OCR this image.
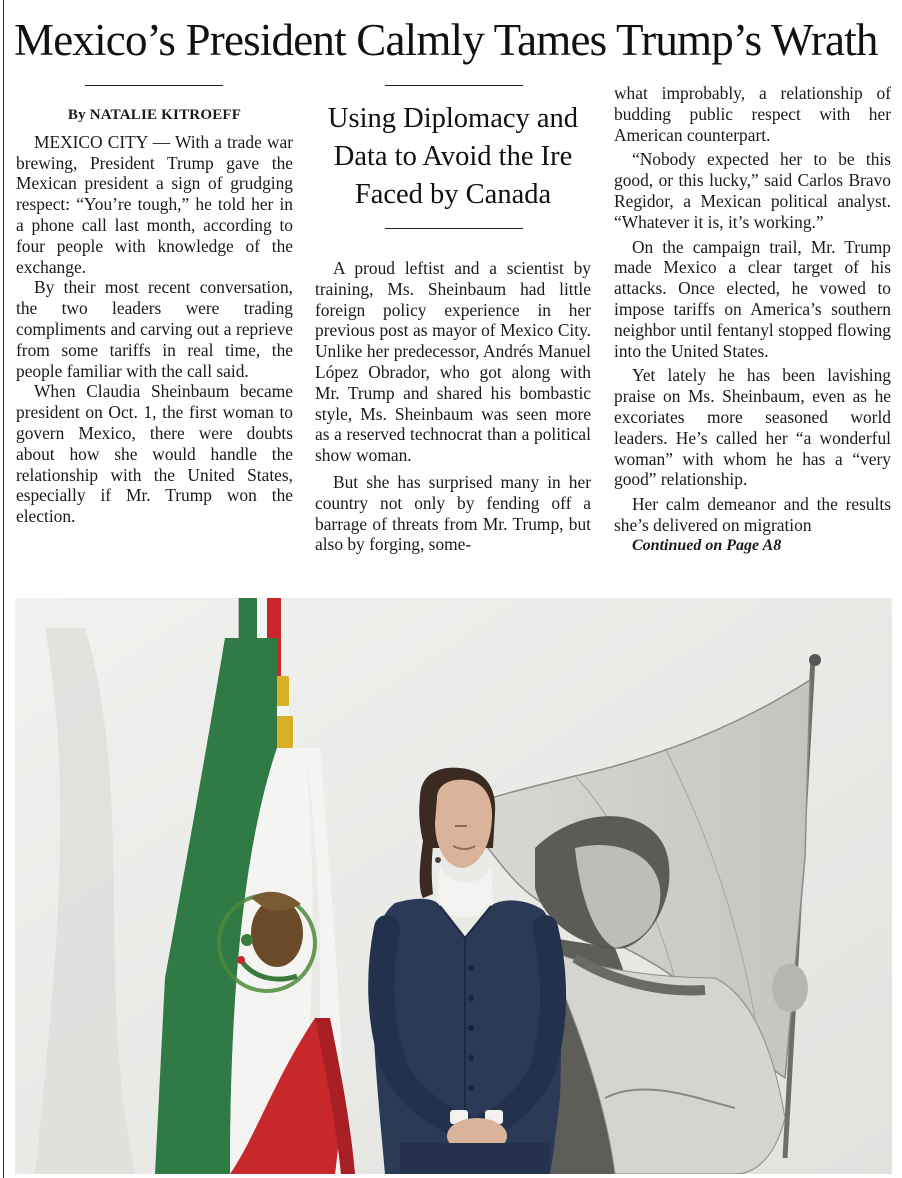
Mexico’s President Calmly Tames Trump’s Wrath
By NATALIE KITROEFF

MEXICO CITY — With a trade war brewing, President Trump gave the Mexican president a sign of grudging respect: “You’re tough,” he told her in a phone call last month, according to four people with knowledge of the exchange.

By their most recent conversation, the two leaders were trading compliments and carving out a reprieve from some tariffs in real time, the people familiar with the call said.

When Claudia Sheinbaum became president on Oct. 1, the first woman to govern Mexico, there were doubts about how she would handle the relationship with the United States, especially if Mr. Trump won the election.

Using Diplomacy and Data to Avoid the Ire Faced by Canada

A proud leftist and a scientist by training, Ms. Sheinbaum had little foreign policy experience in her previous post as mayor of Mexico City. Unlike her predecessor, Andrés Manuel López Obrador, who got along with Mr. Trump and shared his bombastic style, Ms. Sheinbaum was seen more as a reserved technocrat than a political show woman.

But she has surprised many in her country not only by fending off a barrage of threats from Mr. Trump, but also by forging, some-

what improbably, a relationship of budding public respect with her American counterpart.

“Nobody expected her to be this good, or this lucky,” said Carlos Bravo Regidor, a Mexican political analyst. “Whatever it is, it’s working.”

On the campaign trail, Mr. Trump made Mexico a clear target of his attacks. Once elected, he vowed to impose tariffs on America’s southern neighbor until fentanyl stopped flowing into the United States.

Yet lately he has been lavishing praise on Ms. Sheinbaum, even as he excoriates more seasoned world leaders. He’s called her “a wonderful woman” with whom he has a “very good” relationship.

Her calm demeanor and the results she’s delivered on migration

Continued on Page A8
